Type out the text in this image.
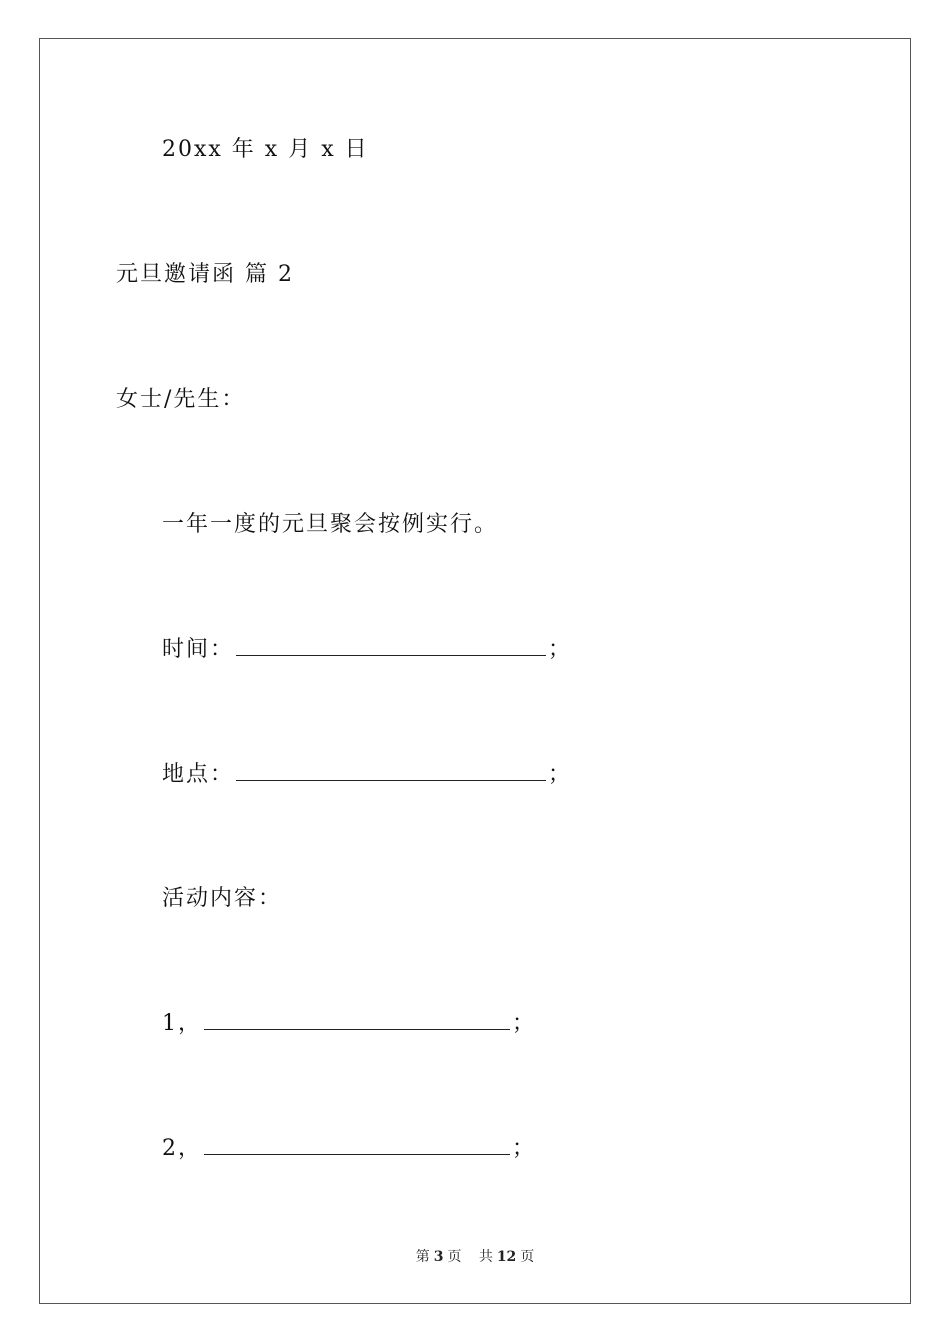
20xx 年 x 月 x 日
元旦邀请函 篇 2
女士/先生：
一年一度的元旦聚会按例实行。
时间：	；
地点：	；
活动内容：
1，	；
2，	；
第 3 页 共 12 页
